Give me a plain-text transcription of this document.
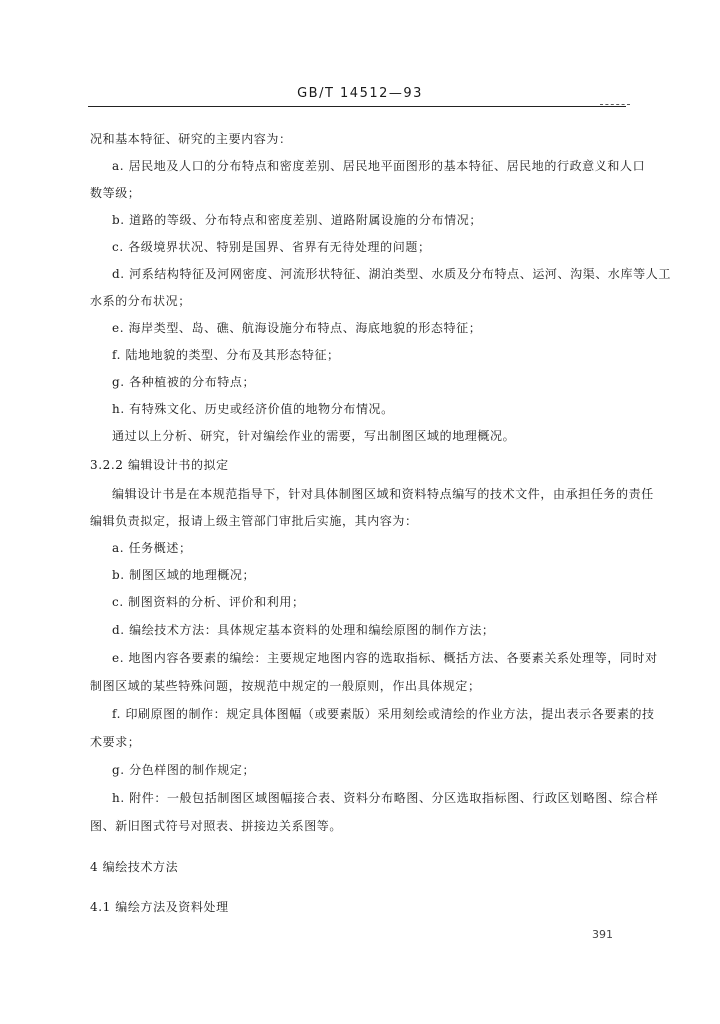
GB/T 14512—93
况和基本特征、研究的主要内容为：
a. 居民地及人口的分布特点和密度差别、居民地平面图形的基本特征、居民地的行政意义和人口
数等级；
b. 道路的等级、分布特点和密度差别、道路附属设施的分布情况；
c. 各级境界状况、特别是国界、省界有无待处理的问题；
d. 河系结构特征及河网密度、河流形状特征、湖泊类型、水质及分布特点、运河、沟渠、水库等人工
水系的分布状况；
e. 海岸类型、岛、礁、航海设施分布特点、海底地貌的形态特征；
f. 陆地地貌的类型、分布及其形态特征；
g. 各种植被的分布特点；
h. 有特殊文化、历史或经济价值的地物分布情况。
通过以上分析、研究，针对编绘作业的需要，写出制图区域的地理概况。
3.2.2 编辑设计书的拟定
编辑设计书是在本规范指导下，针对具体制图区域和资料特点编写的技术文件，由承担任务的责任
编辑负责拟定，报请上级主管部门审批后实施，其内容为：
a. 任务概述；
b. 制图区域的地理概况；
c. 制图资料的分析、评价和利用；
d. 编绘技术方法：具体规定基本资料的处理和编绘原图的制作方法；
e. 地图内容各要素的编绘：主要规定地图内容的选取指标、概括方法、各要素关系处理等，同时对
制图区域的某些特殊问题，按规范中规定的一般原则，作出具体规定；
f. 印刷原图的制作：规定具体图幅（或要素版）采用刻绘或清绘的作业方法，提出表示各要素的技
术要求；
g. 分色样图的制作规定；
h. 附件：一般包括制图区域图幅接合表、资料分布略图、分区选取指标图、行政区划略图、综合样
图、新旧图式符号对照表、拼接边关系图等。
4 编绘技术方法
4.1 编绘方法及资料处理
391
